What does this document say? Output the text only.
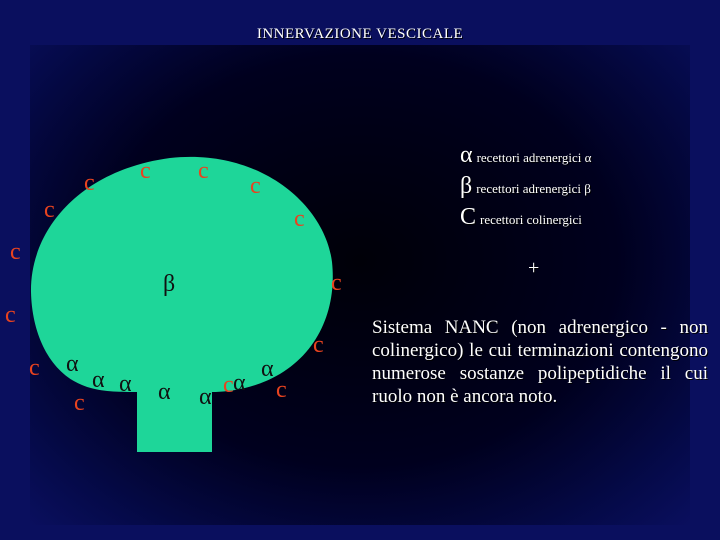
INNERVAZIONE VESCICALE
c c c
c
c	c
c
c
c
c
c
c
c
c
α
α α α α
α
α
β
α recettori adrenergici α
β recettori adrenergici β
C recettori colinergici
+
Sistema NANC (non adrenergico - non colinergico) le cui terminazioni contengono numerose sostanze polipeptidiche il cui ruolo non è ancora noto.
